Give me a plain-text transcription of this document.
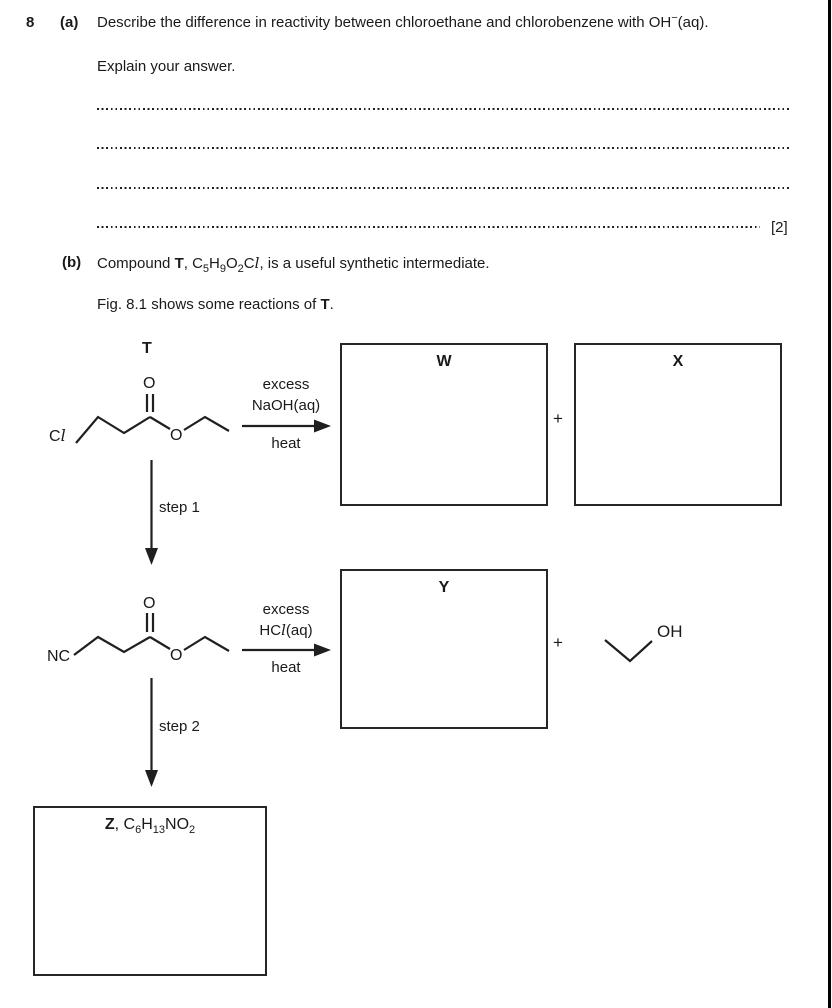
8 (a) Describe the difference in reactivity between chloroethane and chlorobenzene with OH−(aq).
Explain your answer.
[2]
(b) Compound T, $C_5H_9O_2Cl$, is a useful synthetic intermediate.
Fig. 8.1 shows some reactions of T.
T
Cl
O
O
excess
NaOH(aq)
heat
step 1
NC
O
O
excess
HCl(aq)
heat
step 2
W
+
X
Y
+
OH
Z, $C_6H_{13}NO_2$
